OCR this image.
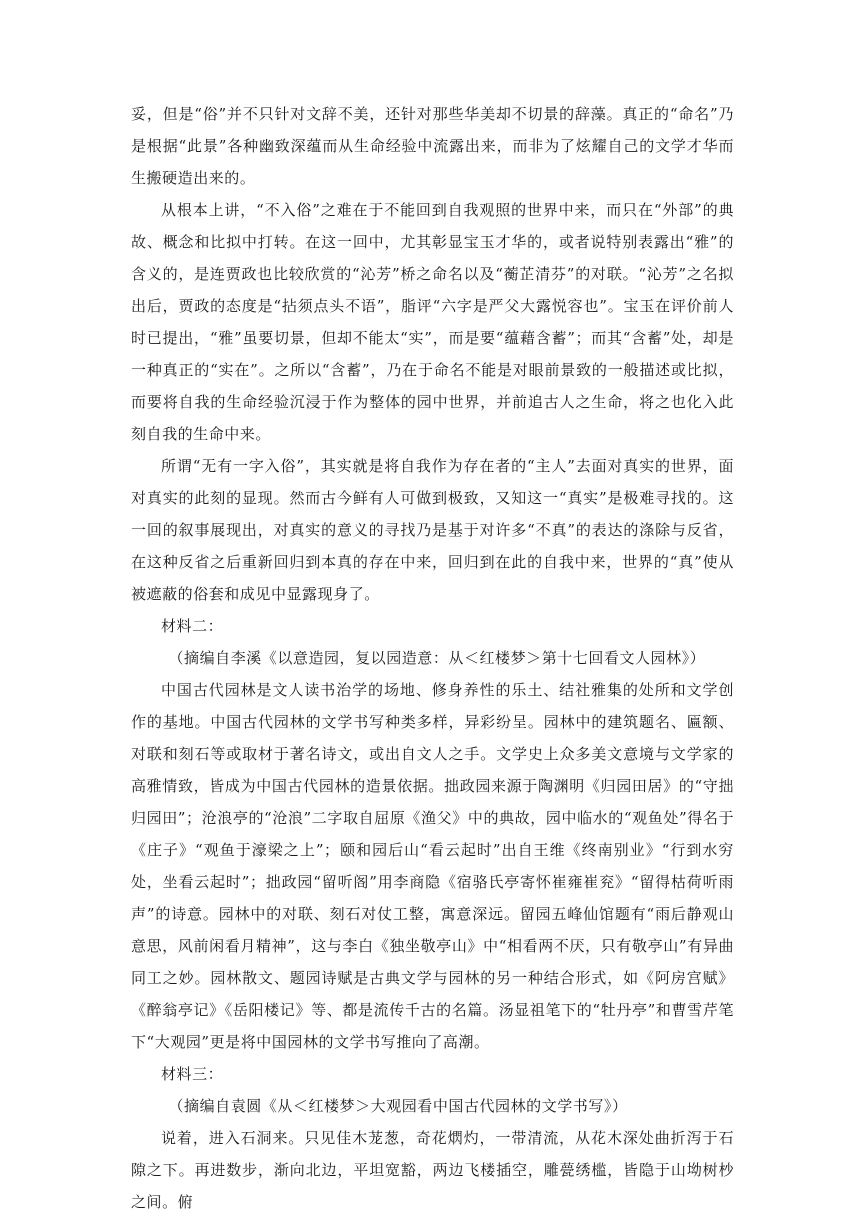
妥，但是“俗”并不只针对文辞不美，还针对那些华美却不切景的辞藻。真正的“命名”乃是根据“此景”各种幽致深蕴而从生命经验中流露出来，而非为了炫耀自己的文学才华而生搬硬造出来的。

从根本上讲，“不入俗”之难在于不能回到自我观照的世界中来，而只在“外部”的典故、概念和比拟中打转。在这一回中，尤其彰显宝玉才华的，或者说特别表露出“雅”的含义的，是连贾政也比较欣赏的“沁芳”桥之命名以及“蘅芷清芬”的对联。“沁芳”之名拟出后，贾政的态度是“拈须点头不语”，脂评“六字是严父大露悦容也”。宝玉在评价前人时已提出，“雅”虽要切景，但却不能太“实”，而是要“蕴藉含蓄”；而其“含蓄”处，却是一种真正的“实在”。之所以“含蓄”，乃在于命名不能是对眼前景致的一般描述或比拟，而要将自我的生命经验沉浸于作为整体的园中世界，并前追古人之生命，将之也化入此刻自我的生命中来。

所谓“无有一字入俗”，其实就是将自我作为存在者的“主人”去面对真实的世界，面对真实的此刻的显现。然而古今鲜有人可做到极致，又知这一“真实”是极难寻找的。这一回的叙事展现出，对真实的意义的寻找乃是基于对许多“不真”的表达的涤除与反省，在这种反省之后重新回归到本真的存在中来，回归到在此的自我中来，世界的“真”使从被遮蔽的俗套和成见中显露现身了。

材料二：

（摘编自李溪《以意造园，复以园造意：从＜红楼梦＞第十七回看文人园林》）

中国古代园林是文人读书治学的场地、修身养性的乐土、结社雅集的处所和文学创作的基地。中国古代园林的文学书写种类多样，异彩纷呈。园林中的建筑题名、匾额、对联和刻石等或取材于著名诗文，或出自文人之手。文学史上众多美文意境与文学家的高雅情致，皆成为中国古代园林的造景依据。拙政园来源于陶渊明《归园田居》的“守拙归园田”；沧浪亭的“沧浪”二字取自屈原《渔父》中的典故，园中临水的“观鱼处”得名于《庄子》“观鱼于濠梁之上”；颐和园后山“看云起时”出自王维《终南别业》“行到水穷处，坐看云起时”；拙政园“留听阁”用李商隐《宿骆氏亭寄怀崔雍崔兖》“留得枯荷听雨声”的诗意。园林中的对联、刻石对仗工整，寓意深远。留园五峰仙馆题有“雨后静观山意思，风前闲看月精神”，这与李白《独坐敬亭山》中“相看两不厌，只有敬亭山”有异曲同工之妙。园林散文、题园诗赋是古典文学与园林的另一种结合形式，如《阿房宫赋》《醉翁亭记》《岳阳楼记》等、都是流传千古的名篇。汤显祖笔下的“牡丹亭”和曹雪芹笔下“大观园”更是将中国园林的文学书写推向了高潮。

材料三：

（摘编自袁圆《从＜红楼梦＞大观园看中国古代园林的文学书写》）

说着，进入石洞来。只见佳木茏葱，奇花熌灼，一带清流，从花木深处曲折泻于石隙之下。再进数步，渐向北边，平坦宽豁，两边飞楼插空，雕甍绣槛，皆隐于山坳树杪之间。俯
